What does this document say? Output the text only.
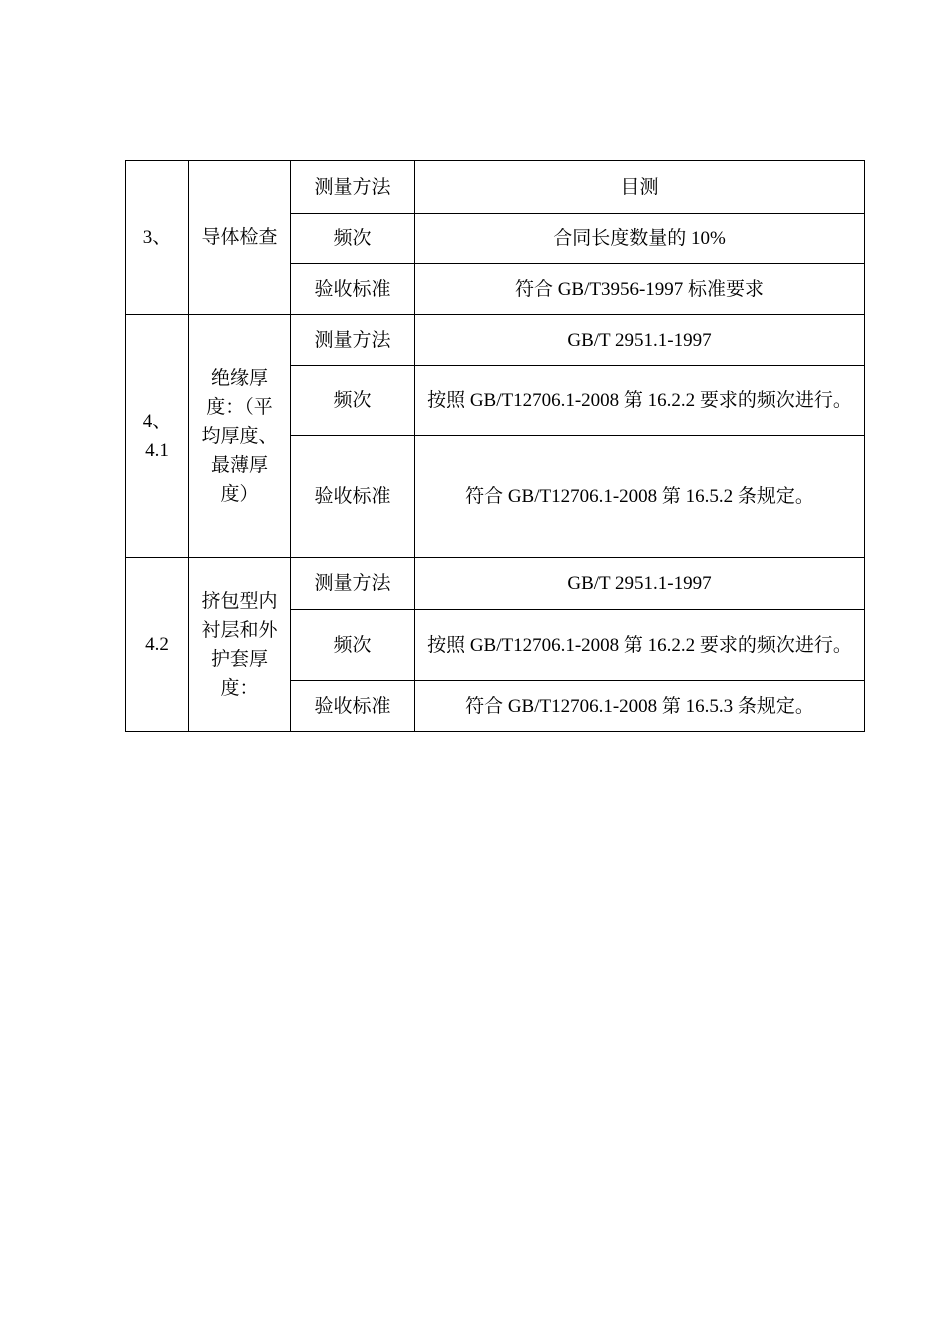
3、	导体检查	测量方法	目测
		频次	合同长度数量的 10%
		验收标准	符合 GB/T3956-1997 标准要求
4、
4.1	绝缘厚度：（平均厚度、最薄厚度）	测量方法	GB/T 2951.1-1997
		频次	按照 GB/T12706.1-2008 第 16.2.2 要求的频次进行。
		验收标准	符合 GB/T12706.1-2008 第 16.5.2 条规定。
4.2	挤包型内衬层和外护套厚度：	测量方法	GB/T 2951.1-1997
		频次	按照 GB/T12706.1-2008 第 16.2.2 要求的频次进行。
		验收标准	符合 GB/T12706.1-2008 第 16.5.3 条规定。
